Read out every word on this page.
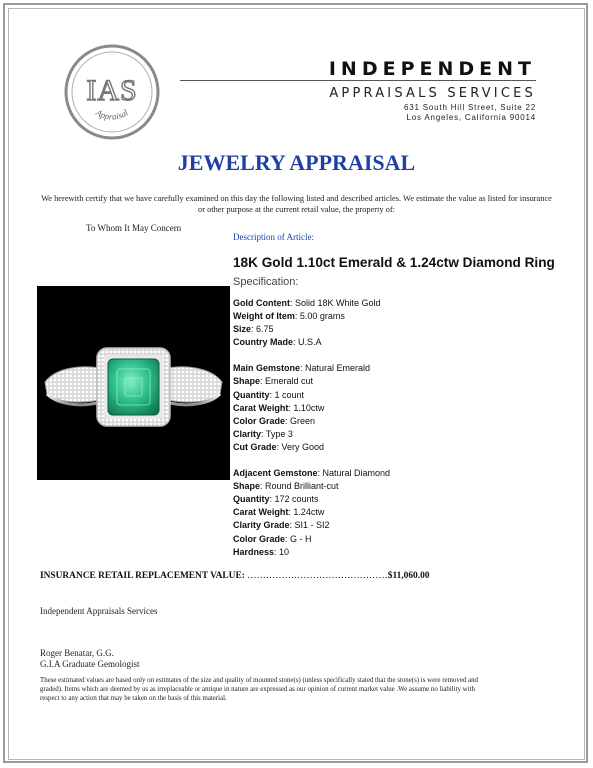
IAS
Appraisal
INDEPENDENT
APPRAISALS SERVICES
631 South Hill Street, Suite 22
Los Angeles, California 90014
JEWELRY APPRAISAL
We herewith certify that we have carefully examined on this day the following listed and described articles. We estimate the value as listed for insurance or other purpose at the current retail value, the property of:
To Whom It May Concern
Description of Article:
18K Gold 1.10ct Emerald & 1.24ctw Diamond Ring
Specification:
Gold Content: Solid 18K White Gold
Weight of Item: 5.00 grams
Size: 6.75
Country Made: U.S.A
Main Gemstone: Natural Emerald
Shape: Emerald cut
Quantity: 1 count
Carat Weight: 1.10ctw
Color Grade: Green
Clarity: Type 3
Cut Grade: Very Good
Adjacent Gemstone: Natural Diamond
Shape: Round Brilliant-cut
Quantity: 172 counts
Carat Weight: 1.24ctw
Clarity Grade: SI1 - SI2
Color Grade: G - H
Hardness: 10
INSURANCE RETAIL REPLACEMENT VALUE: ………………………………………$11,060.00
Independent Appraisals Services
Roger Benatar, G.G.
G.I.A Graduate Gemologist
These estimated values are based only on estimates of the size and quality of mounted stone(s) (unless specifically stated that the stone(s) is were removed and graded). Items which are deemed by us as irreplaceable or antique in nature are expressed as our opinion of current market value .We assume no liability with respect to any action that may be taken on the basis of this material.
